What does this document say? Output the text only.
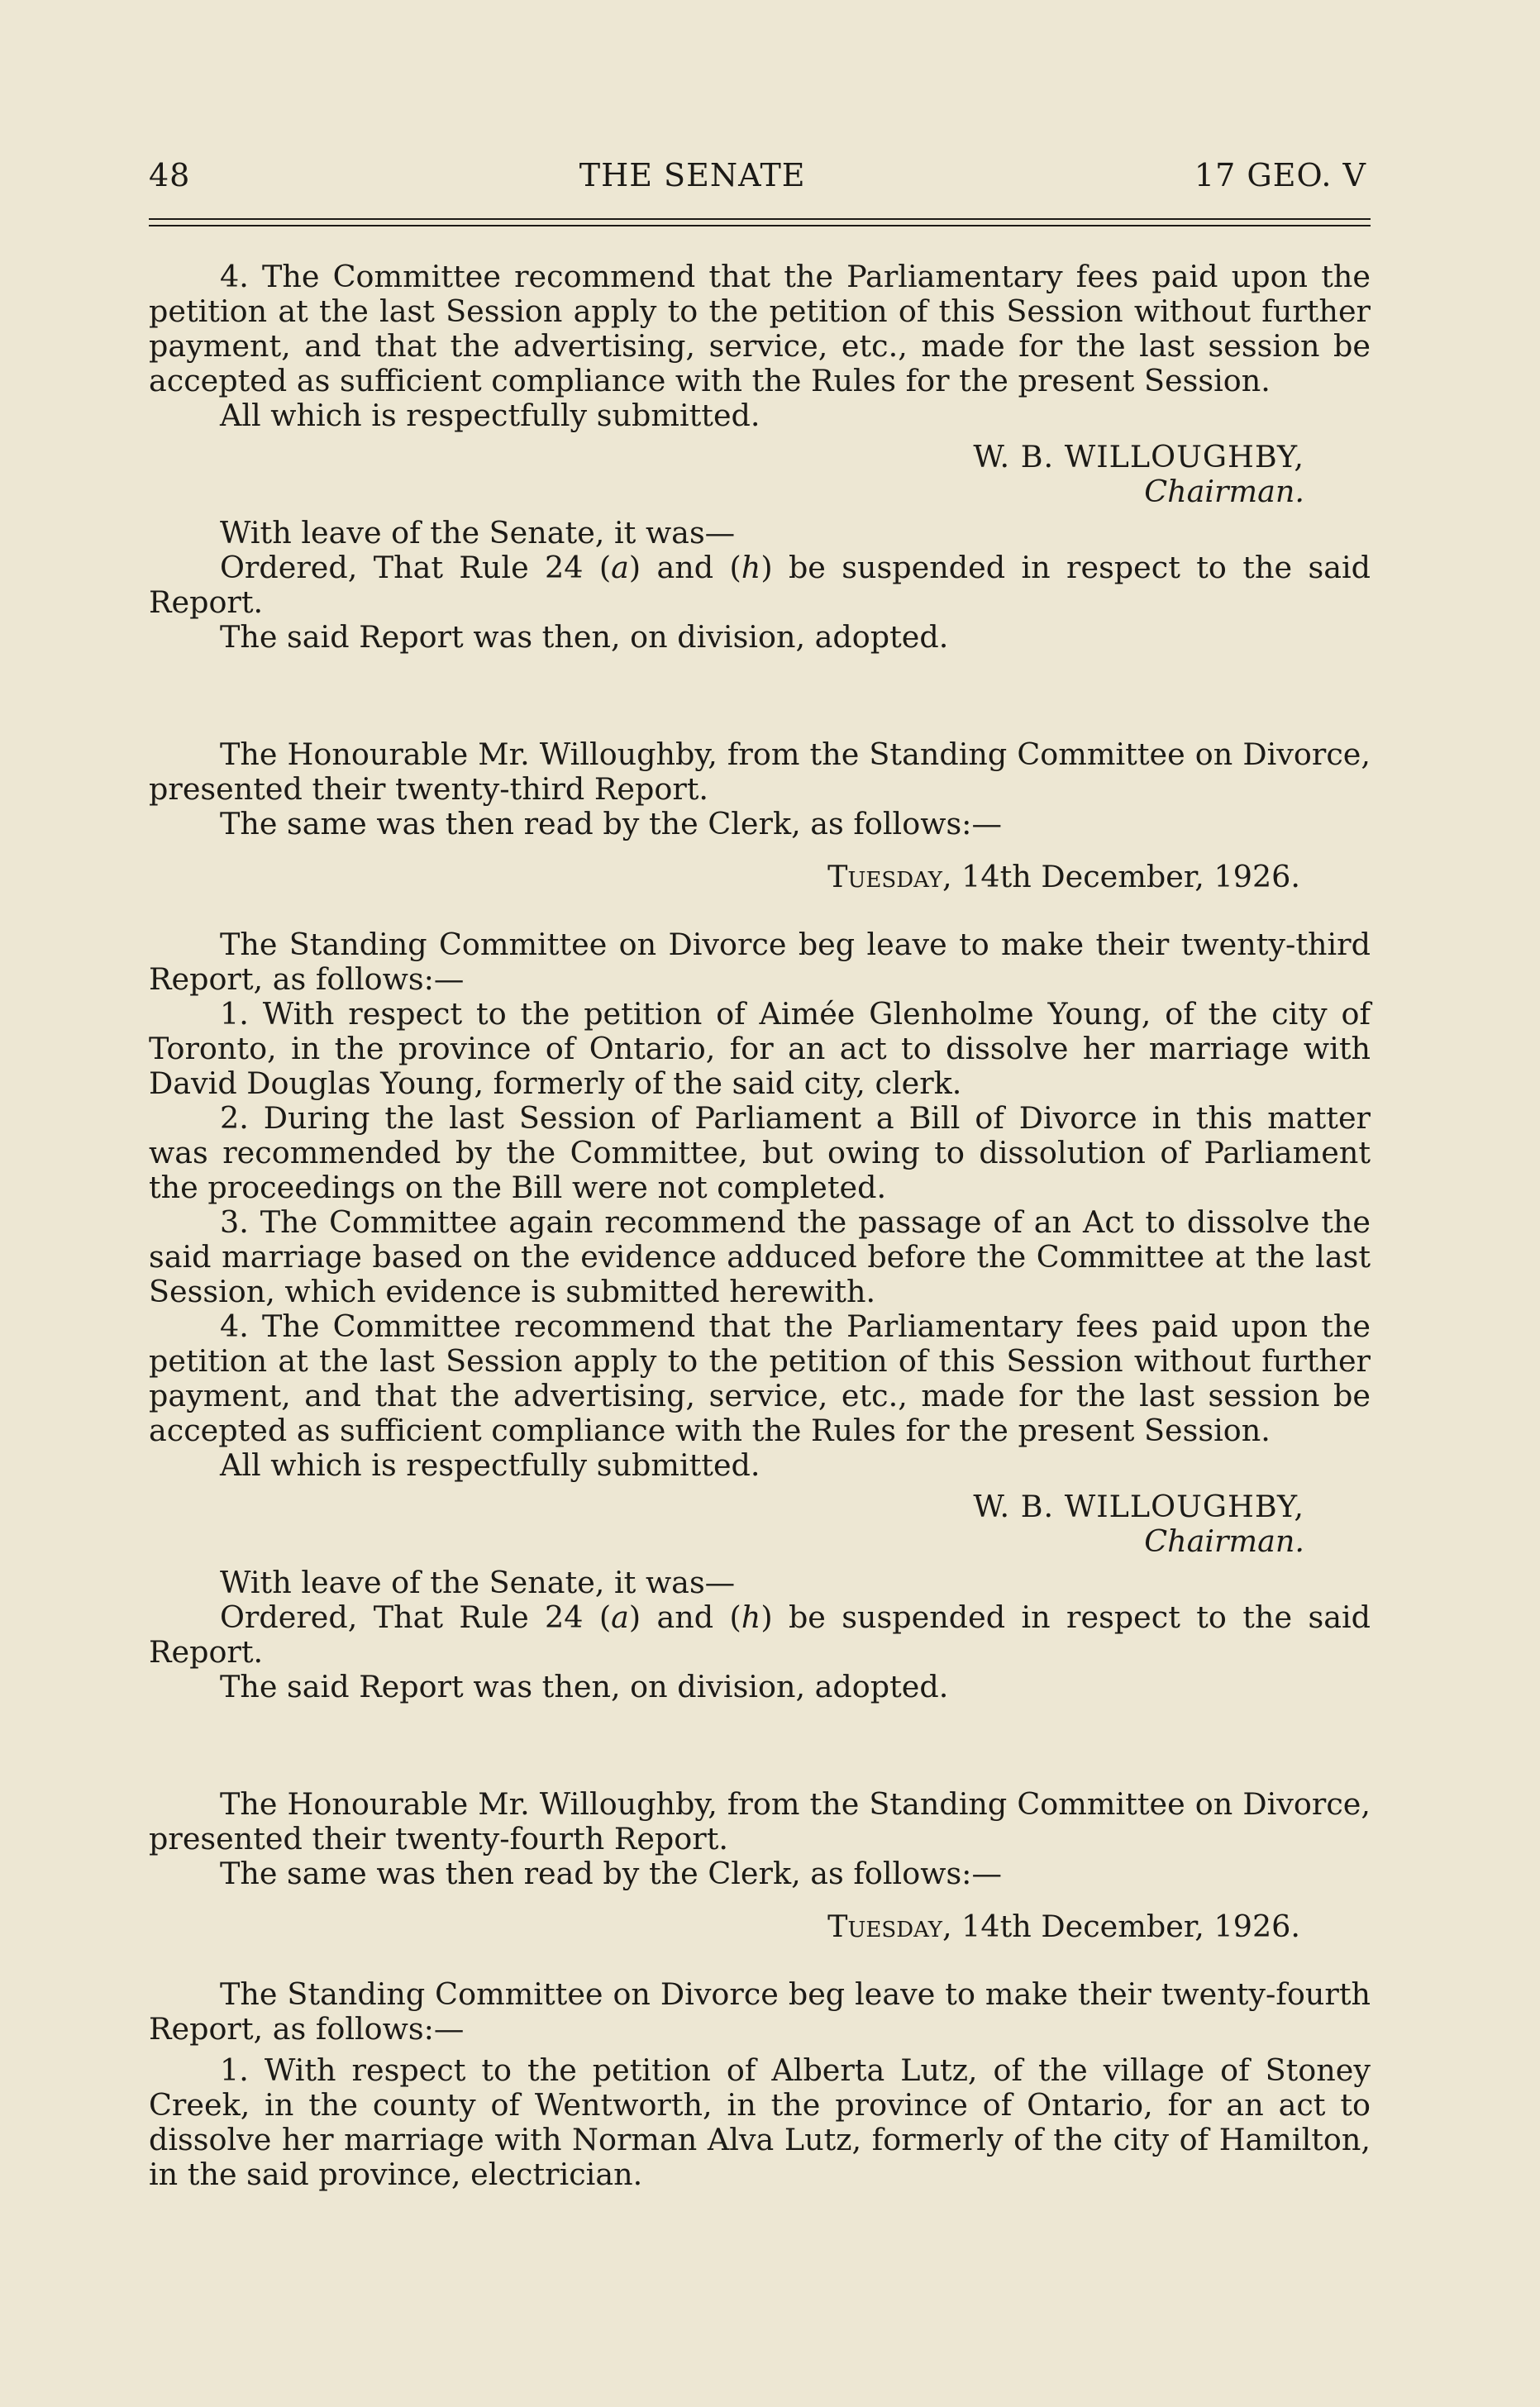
48	THE SENATE	17 GEO. V

4. The Committee recommend that the Parliamentary fees paid upon the petition at the last Session apply to the petition of this Session without further payment, and that the advertising, service, etc., made for the last session be accepted as sufficient compliance with the Rules for the present Session.

All which is respectfully submitted.

W. B. WILLOUGHBY,

Chairman.

With leave of the Senate, it was—

Ordered, That Rule 24 (a) and (h) be suspended in respect to the said Report.

The said Report was then, on division, adopted.

The Honourable Mr. Willoughby, from the Standing Committee on Divorce, presented their twenty-third Report.

The same was then read by the Clerk, as follows:—

Tuesday, 14th December, 1926.

The Standing Committee on Divorce beg leave to make their twenty-third Report, as follows:—

1. With respect to the petition of Aimée Glenholme Young, of the city of Toronto, in the province of Ontario, for an act to dissolve her marriage with David Douglas Young, formerly of the said city, clerk.

2. During the last Session of Parliament a Bill of Divorce in this matter was recommended by the Committee, but owing to dissolution of Parliament the proceedings on the Bill were not completed.

3. The Committee again recommend the passage of an Act to dissolve the said marriage based on the evidence adduced before the Committee at the last Session, which evidence is submitted herewith.

4. The Committee recommend that the Parliamentary fees paid upon the petition at the last Session apply to the petition of this Session without further payment, and that the advertising, service, etc., made for the last session be accepted as sufficient compliance with the Rules for the present Session.

All which is respectfully submitted.

W. B. WILLOUGHBY,

Chairman.

With leave of the Senate, it was—

Ordered, That Rule 24 (a) and (h) be suspended in respect to the said Report.

The said Report was then, on division, adopted.

The Honourable Mr. Willoughby, from the Standing Committee on Divorce, presented their twenty-fourth Report.

The same was then read by the Clerk, as follows:—

Tuesday, 14th December, 1926.

The Standing Committee on Divorce beg leave to make their twenty-fourth Report, as follows:—

1. With respect to the petition of Alberta Lutz, of the village of Stoney Creek, in the county of Wentworth, in the province of Ontario, for an act to dissolve her marriage with Norman Alva Lutz, formerly of the city of Hamilton, in the said province, electrician.
